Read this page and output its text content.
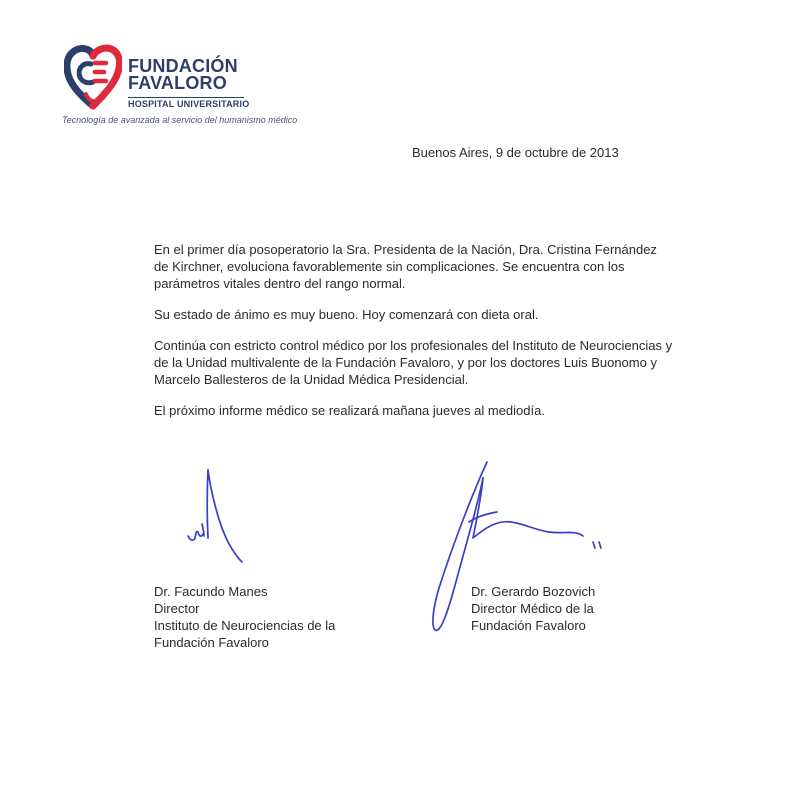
FUNDACIÓN
FAVALORO
HOSPITAL UNIVERSITARIO
Tecnología de avanzada al servicio del humanismo médico
Buenos Aires, 9 de octubre de 2013

En el primer día posoperatorio la Sra. Presidenta de la Nación, Dra. Cristina Fernández de Kirchner, evoluciona favorablemente sin complicaciones. Se encuentra con los parámetros vitales dentro del rango normal.

Su estado de ánimo es muy bueno. Hoy comenzará con dieta oral.

Continúa con estricto control médico por los profesionales del Instituto de Neurociencias y de la Unidad multivalente de la Fundación Favaloro, y por los doctores Luis Buonomo y Marcelo Ballesteros de la Unidad Médica Presidencial.

El próximo informe médico se realizará mañana jueves al mediodía.

Dr. Facundo Manes
Director
Instituto de Neurociencias de la
Fundación Favaloro
Dr. Gerardo Bozovich
Director Médico de la
Fundación Favaloro
